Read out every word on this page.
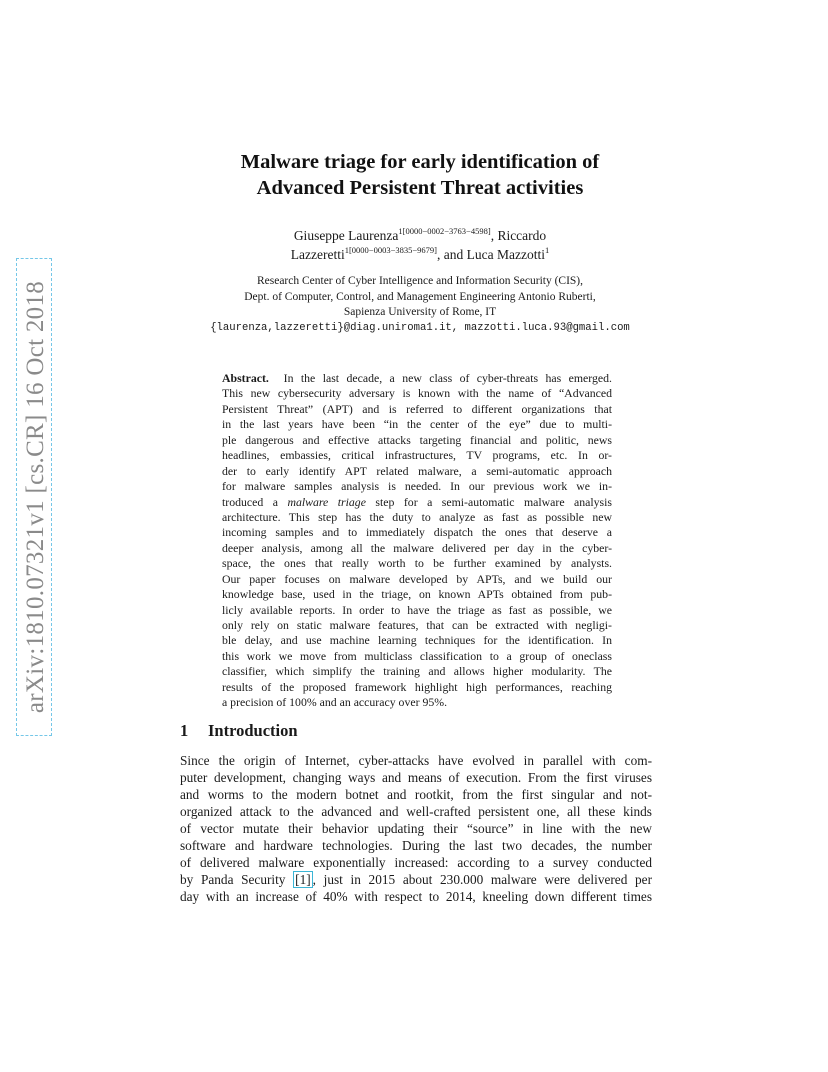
arXiv:1810.07321v1 [cs.CR] 16 Oct 2018
Malware triage for early identification of
Advanced Persistent Threat activities
Giuseppe Laurenza$^{1[0000-0002-3763-4598]}$, Riccardo
Lazzeretti$^{1[0000-0003-3835-9679]}$, and Luca Mazzotti$^1$
Research Center of Cyber Intelligence and Information Security (CIS),
Dept. of Computer, Control, and Management Engineering Antonio Ruberti,
Sapienza University of Rome, IT
{laurenza,lazzeretti}@diag.uniroma1.it, mazzotti.luca.93@gmail.com
Abstract. In the last decade, a new class of cyber-threats has emerged.
This new cybersecurity adversary is known with the name of “Advanced
Persistent Threat” (APT) and is referred to different organizations that
in the last years have been “in the center of the eye” due to multi-
ple dangerous and effective attacks targeting financial and politic, news
headlines, embassies, critical infrastructures, TV programs, etc. In or-
der to early identify APT related malware, a semi-automatic approach
for malware samples analysis is needed. In our previous work we in-
troduced a malware triage step for a semi-automatic malware analysis
architecture. This step has the duty to analyze as fast as possible new
incoming samples and to immediately dispatch the ones that deserve a
deeper analysis, among all the malware delivered per day in the cyber-
space, the ones that really worth to be further examined by analysts.
Our paper focuses on malware developed by APTs, and we build our
knowledge base, used in the triage, on known APTs obtained from pub-
licly available reports. In order to have the triage as fast as possible, we
only rely on static malware features, that can be extracted with negligi-
ble delay, and use machine learning techniques for the identification. In
this work we move from multiclass classification to a group of oneclass
classifier, which simplify the training and allows higher modularity. The
results of the proposed framework highlight high performances, reaching
a precision of 100% and an accuracy over 95%.
1 Introduction
Since the origin of Internet, cyber-attacks have evolved in parallel with com-
puter development, changing ways and means of execution. From the first viruses
and worms to the modern botnet and rootkit, from the first singular and not-
organized attack to the advanced and well-crafted persistent one, all these kinds
of vector mutate their behavior updating their “source” in line with the new
software and hardware technologies. During the last two decades, the number
of delivered malware exponentially increased: according to a survey conducted
by Panda Security [1] , just in 2015 about 230.000 malware were delivered per
day with an increase of 40% with respect to 2014, kneeling down different times
